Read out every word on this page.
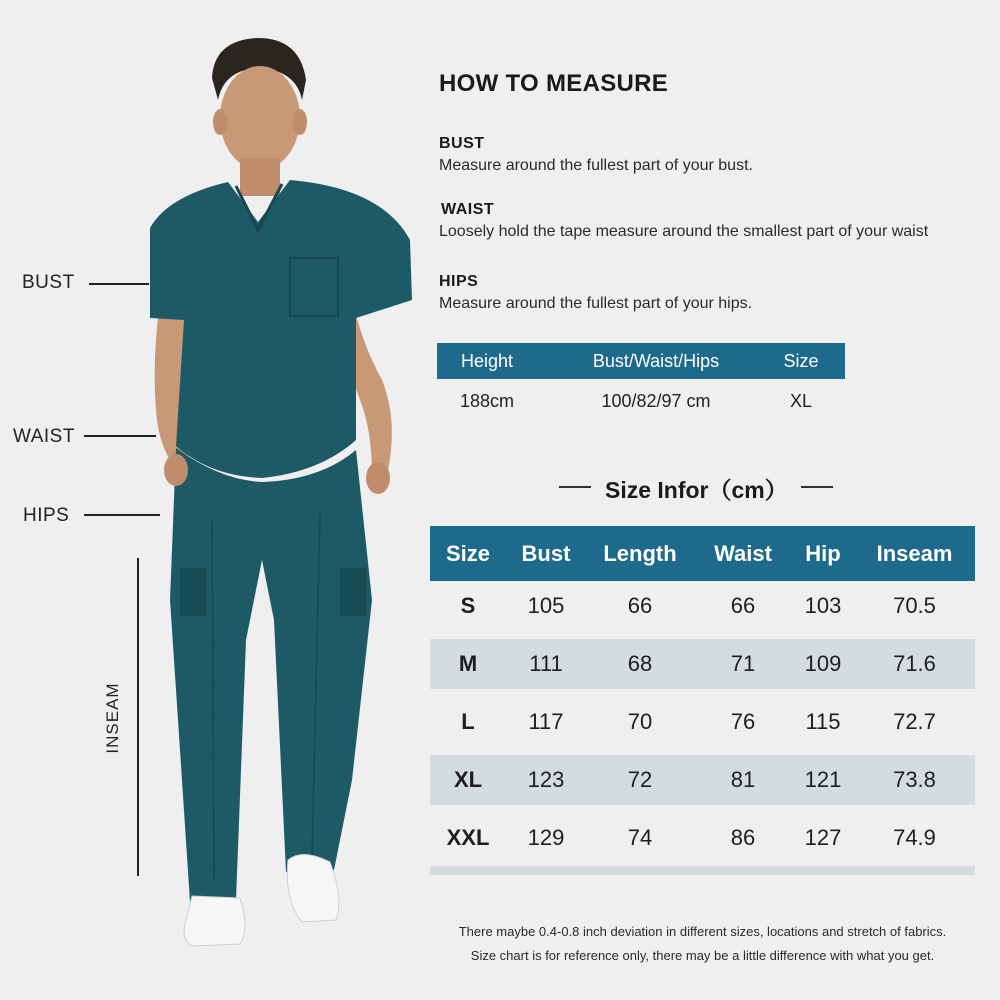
BUST
WAIST
HIPS
INSEAM
HOW TO MEASURE
BUST
Measure around the fullest part of your bust.
WAIST
Loosely hold the tape measure around the smallest part of your waist
HIPS
Measure around the fullest part of your hips.
Height	Bust/Waist/Hips	Size
188cm	100/82/97 cm	XL
Size Infor（cm）
Size	Bust	Length	Waist	Hip	Inseam
S	105	66	66	103	70.5
M	111	68	71	109	71.6
L	117	70	76	115	72.7
XL	123	72	81	121	73.8
XXL	129	74	86	127	74.9
There maybe 0.4-0.8 inch deviation in different sizes, locations and stretch of fabrics.
Size chart is for reference only, there may be a little difference with what you get.
